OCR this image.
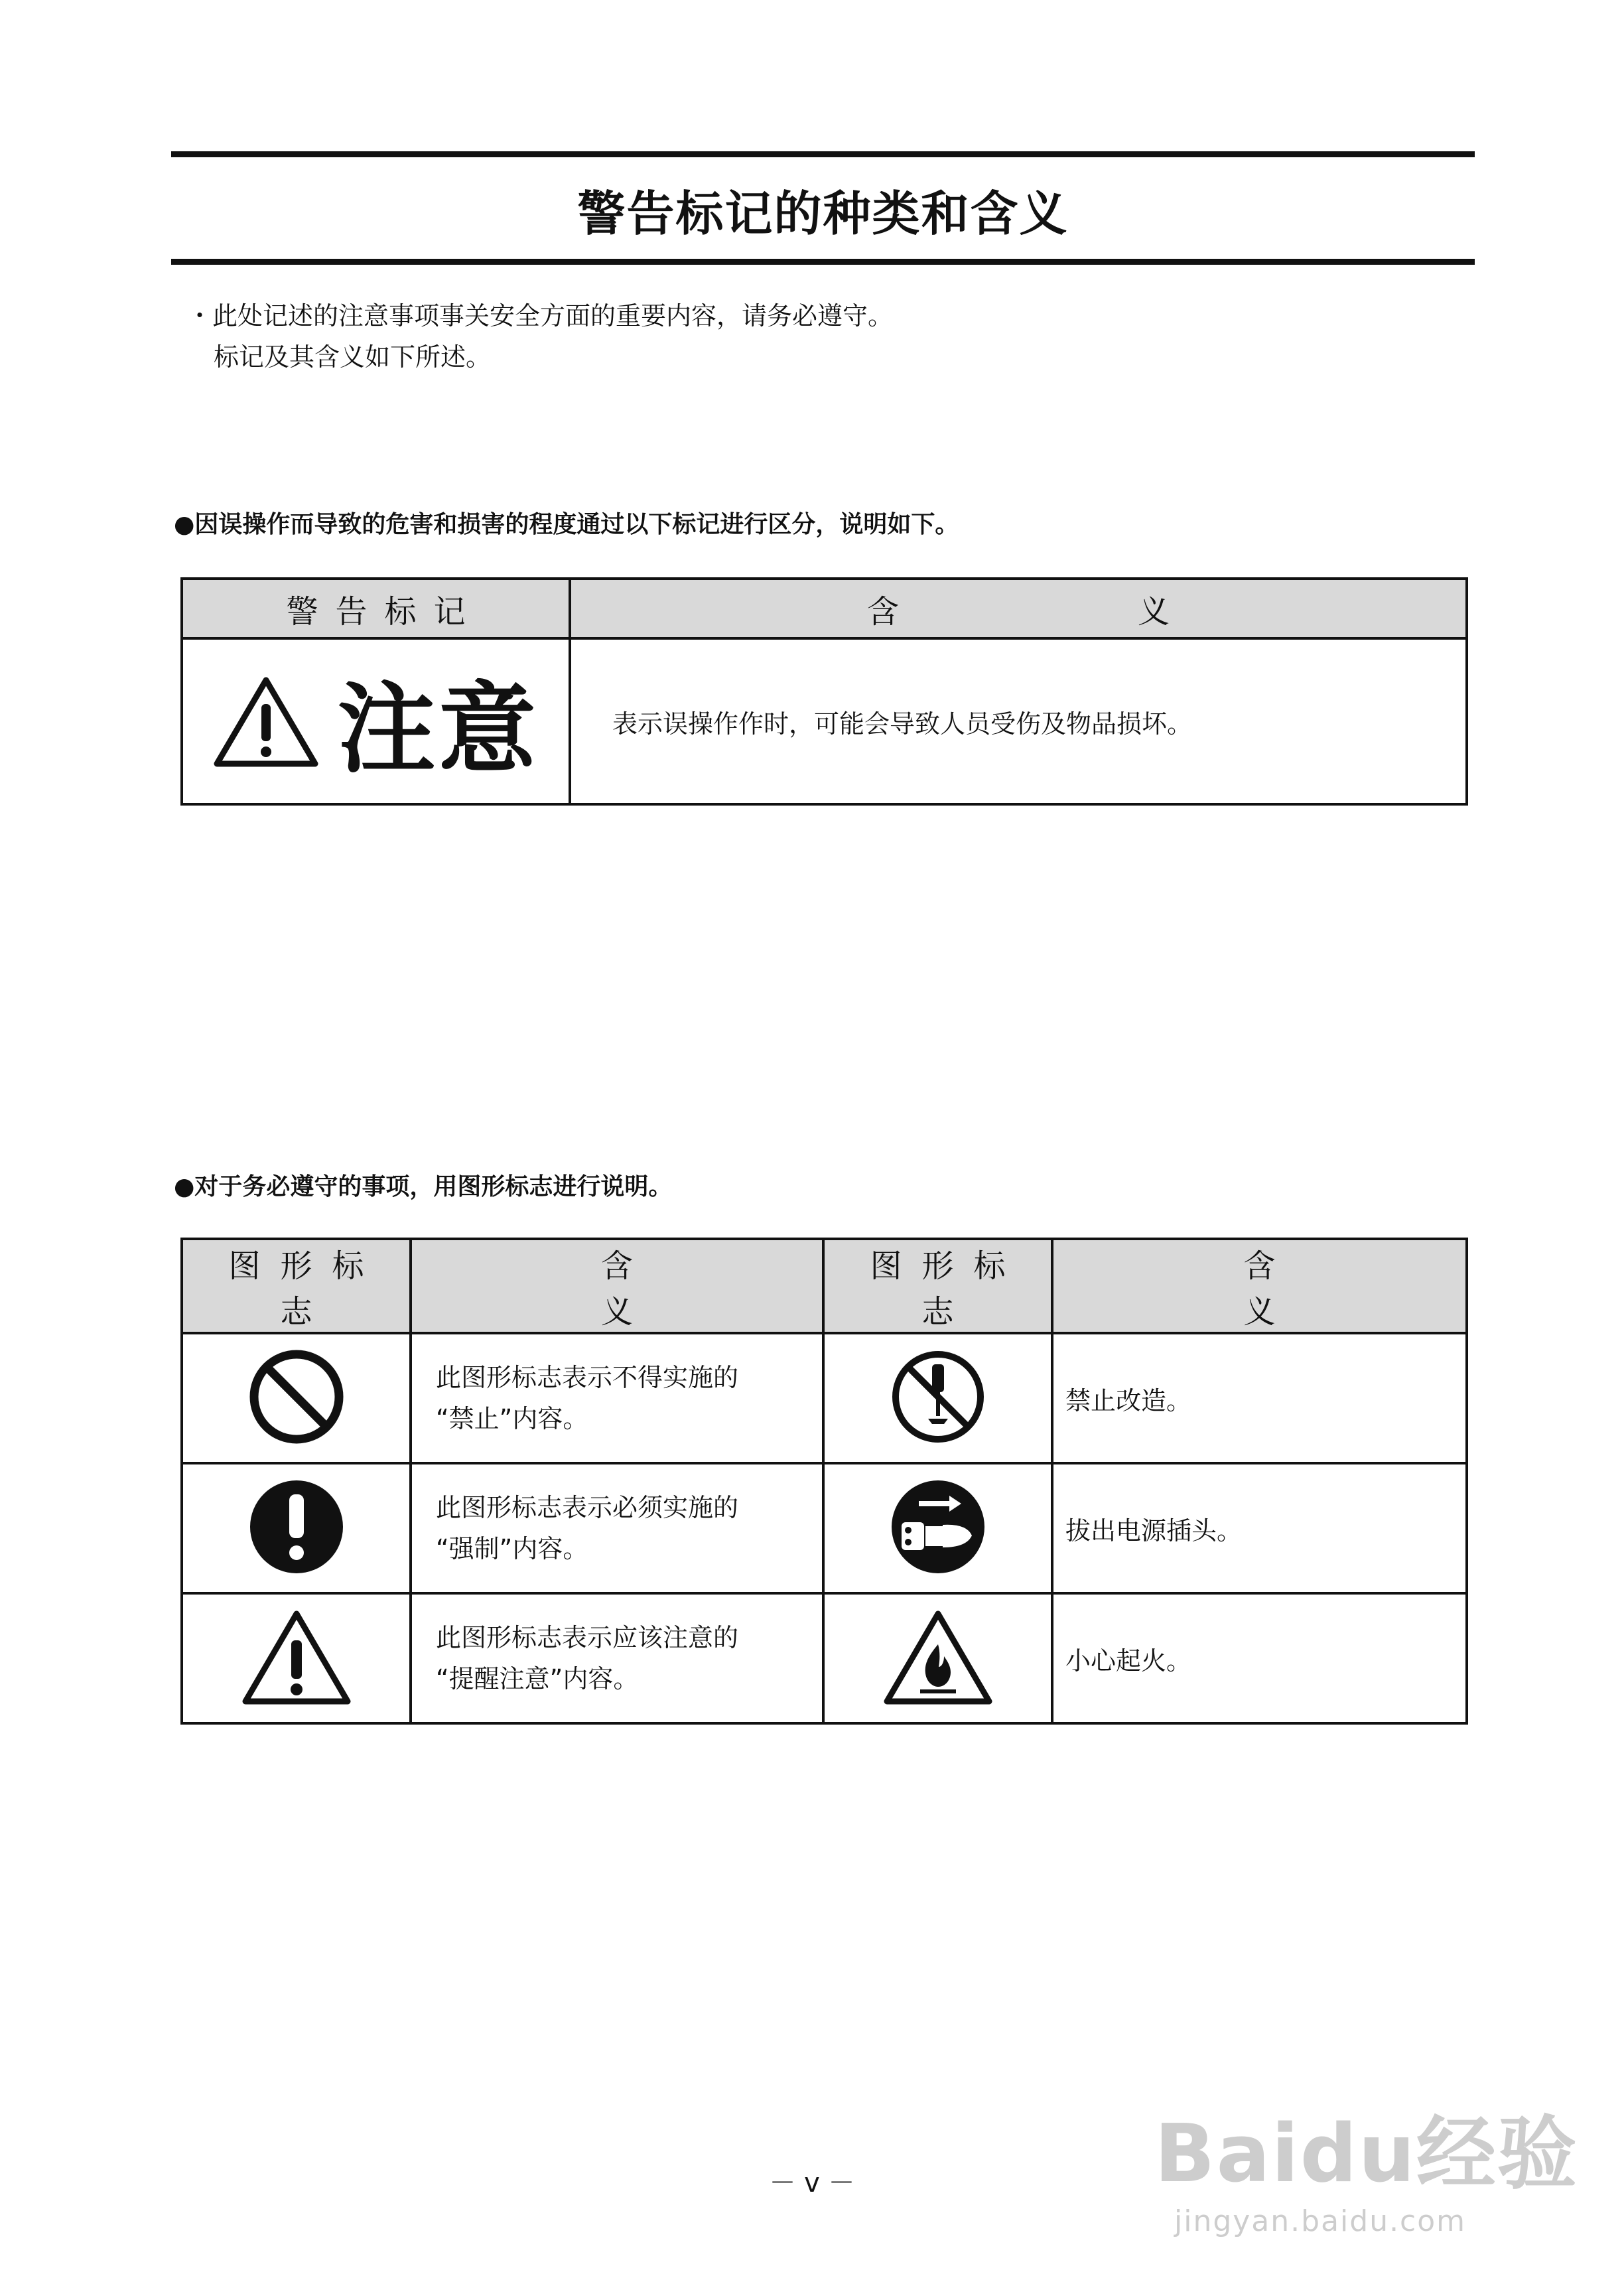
警告标记的种类和含义
・此处记述的注意事项事关安全方面的重要内容，请务必遵守。
标记及其含义如下所述。
●因误操作而导致的危害和损害的程度通过以下标记进行区分，说明如下。
警告标记	含义

注意	表示误操作作时，可能会导致人员受伤及物品损坏。
●对于务必遵守的事项，用图形标志进行说明。
图形标志	含义	图形标志	含义

此图形标志表示不得实施的
“禁止”内容。		禁止改造。

此图形标志表示必须实施的
“强制”内容。		拔出电源插头。

此图形标志表示应该注意的
“提醒注意”内容。		小心起火。
－ v －	Baidu经验
jingyan.baidu.com
